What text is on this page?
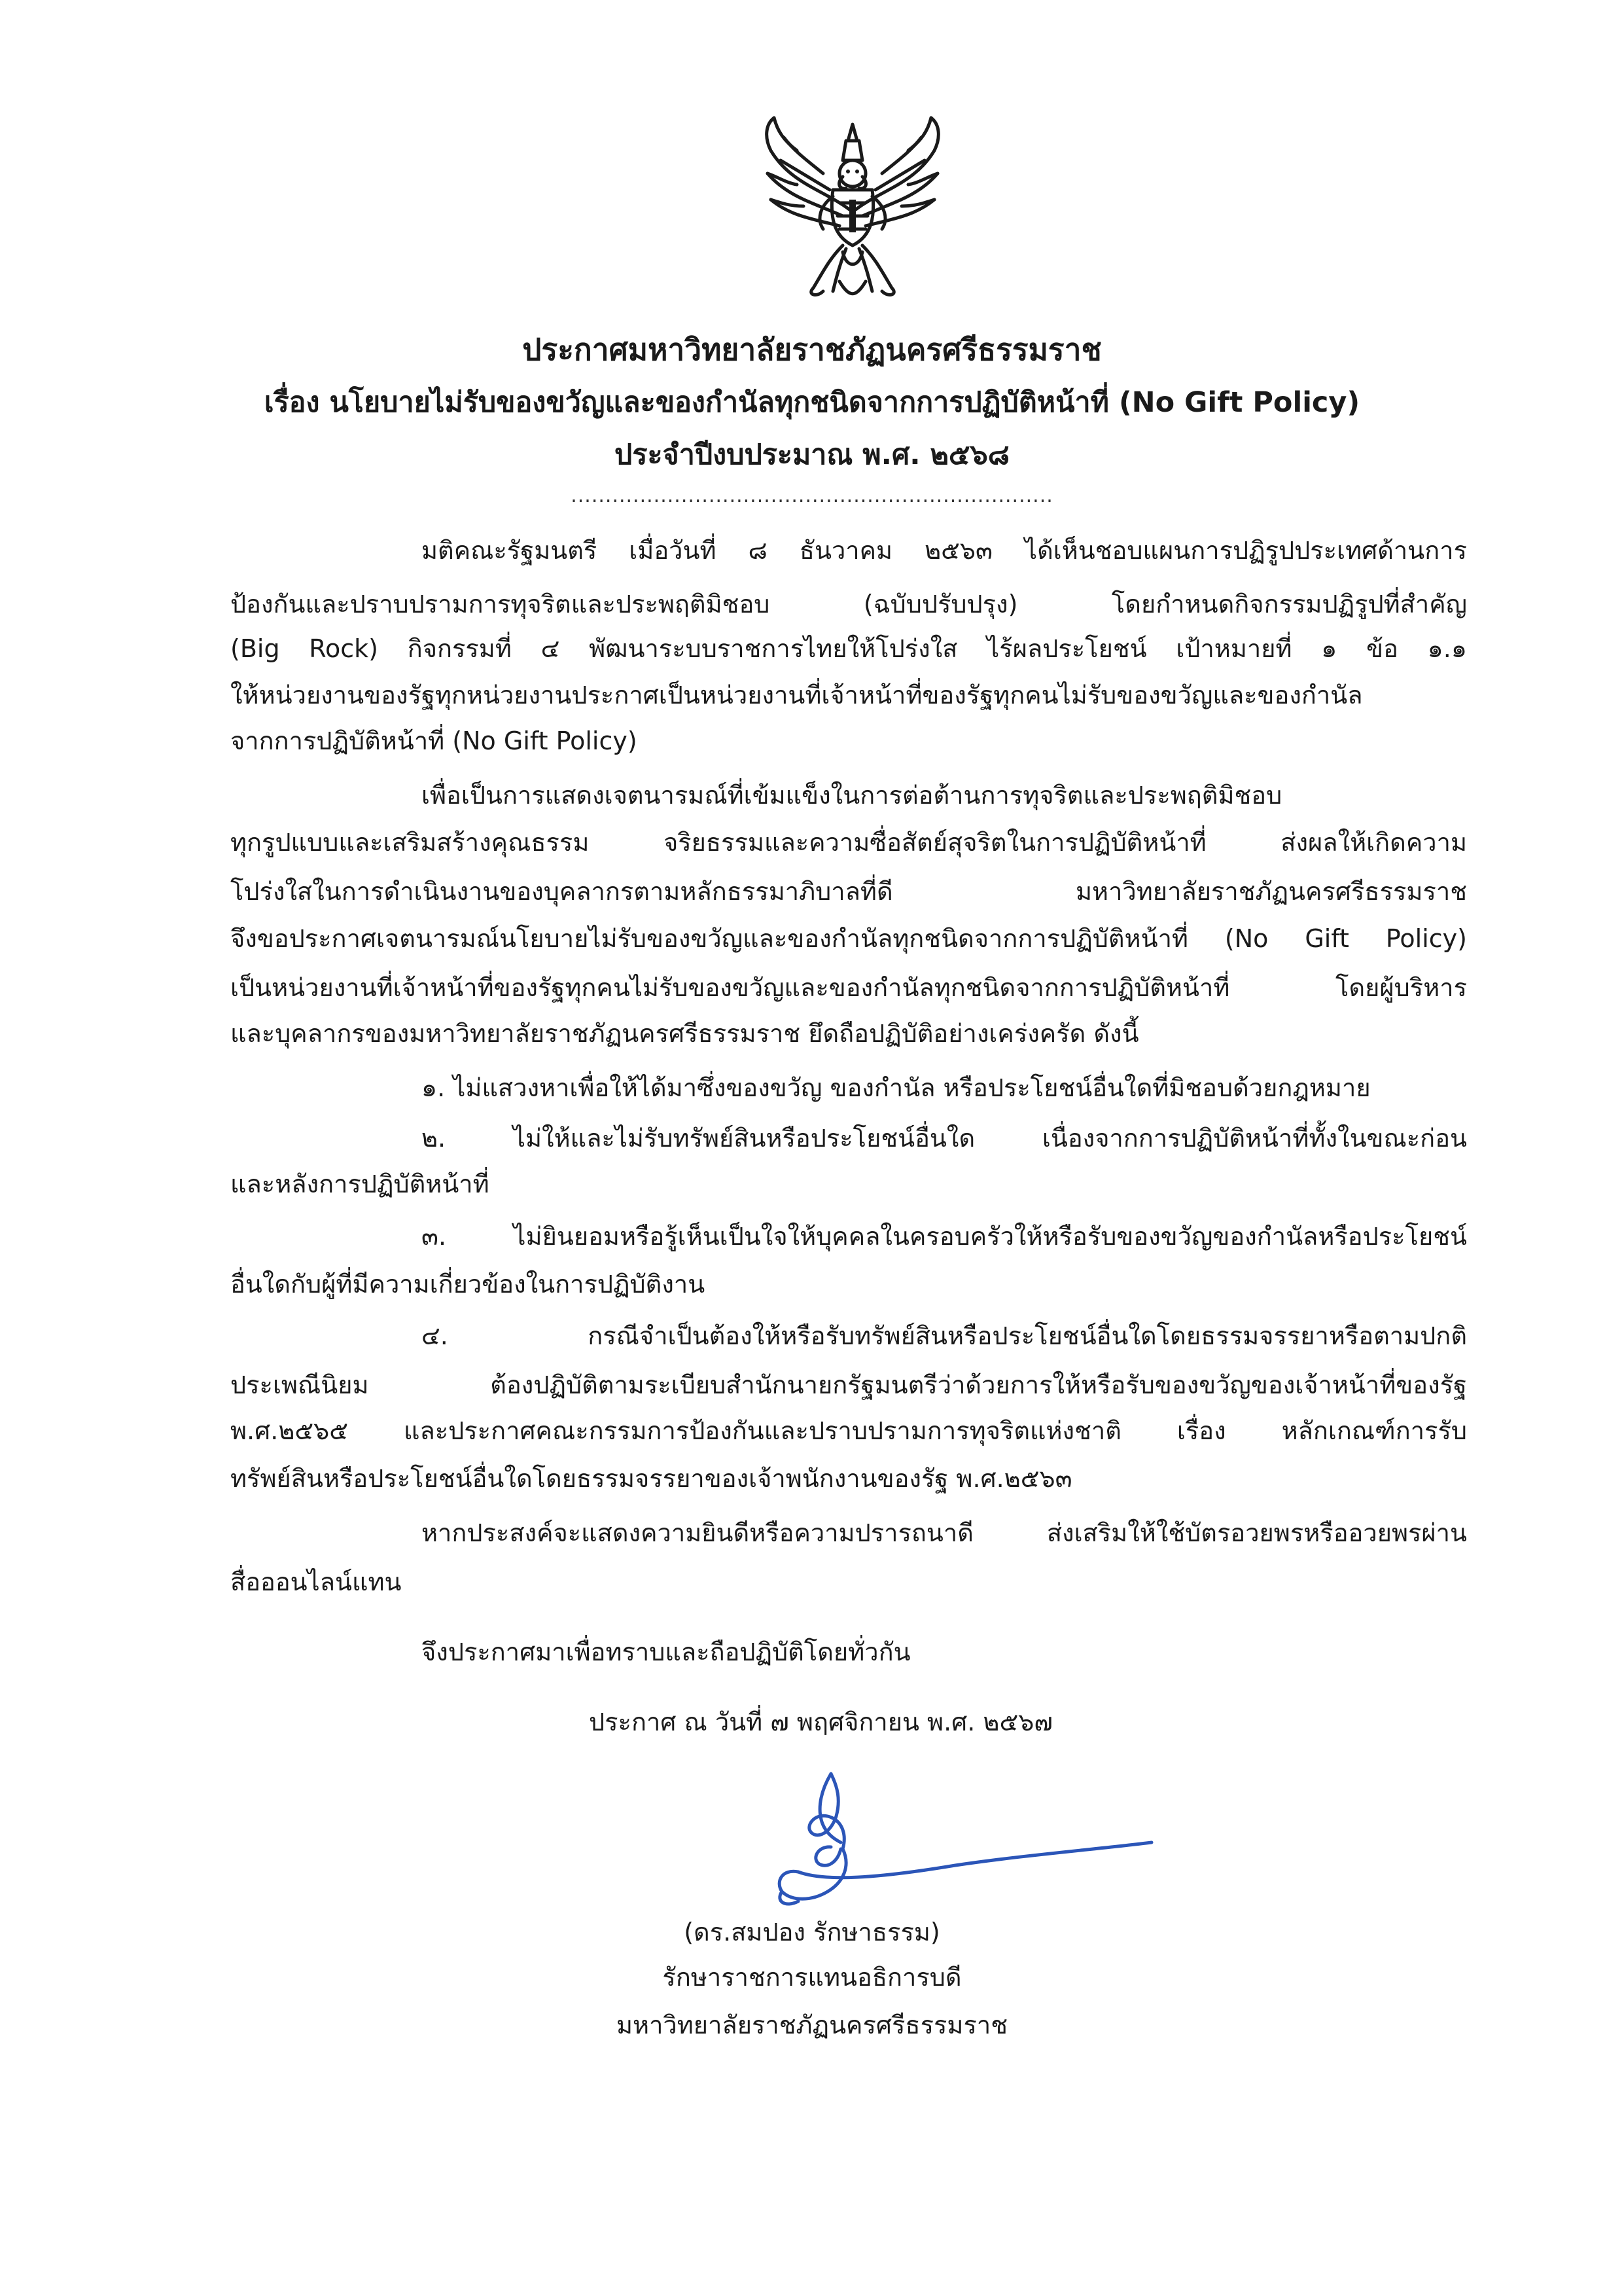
ประกาศมหาวิทยาลัยราชภัฏนครศรีธรรมราช
เรื่อง นโยบายไม่รับของขวัญและของกำนัลทุกชนิดจากการปฏิบัติหน้าที่ (No Gift Policy)
ประจำปีงบประมาณ พ.ศ. ๒๕๖๘
......................................................................
มติคณะรัฐมนตรี เมื่อวันที่ ๘ ธันวาคม ๒๕๖๓ ได้เห็นชอบแผนการปฏิรูปประเทศด้านการ
ป้องกันและปราบปรามการทุจริตและประพฤติมิชอบ (ฉบับปรับปรุง) โดยกำหนดกิจกรรมปฏิรูปที่สำคัญ
(Big Rock) กิจกรรมที่ ๔ พัฒนาระบบราชการไทยให้โปร่งใส ไร้ผลประโยชน์ เป้าหมายที่ ๑ ข้อ ๑.๑
ให้หน่วยงานของรัฐทุกหน่วยงานประกาศเป็นหน่วยงานที่เจ้าหน้าที่ของรัฐทุกคนไม่รับของขวัญและของกำนัล
จากการปฏิบัติหน้าที่ (No Gift Policy)
เพื่อเป็นการแสดงเจตนารมณ์ที่เข้มแข็งในการต่อต้านการทุจริตและประพฤติมิชอบ
ทุกรูปแบบและเสริมสร้างคุณธรรม จริยธรรมและความซื่อสัตย์สุจริตในการปฏิบัติหน้าที่ ส่งผลให้เกิดความ
โปร่งใสในการดำเนินงานของบุคลากรตามหลักธรรมาภิบาลที่ดี มหาวิทยาลัยราชภัฏนครศรีธรรมราช
จึงขอประกาศเจตนารมณ์นโยบายไม่รับของขวัญและของกำนัลทุกชนิดจากการปฏิบัติหน้าที่ (No Gift Policy)
เป็นหน่วยงานที่เจ้าหน้าที่ของรัฐทุกคนไม่รับของขวัญและของกำนัลทุกชนิดจากการปฏิบัติหน้าที่ โดยผู้บริหาร
และบุคลากรของมหาวิทยาลัยราชภัฏนครศรีธรรมราช ยึดถือปฏิบัติอย่างเคร่งครัด ดังนี้
๑. ไม่แสวงหาเพื่อให้ได้มาซึ่งของขวัญ ของกำนัล หรือประโยชน์อื่นใดที่มิชอบด้วยกฎหมาย
๒. ไม่ให้และไม่รับทรัพย์สินหรือประโยชน์อื่นใด เนื่องจากการปฏิบัติหน้าที่ทั้งในขณะก่อน
และหลังการปฏิบัติหน้าที่
๓. ไม่ยินยอมหรือรู้เห็นเป็นใจให้บุคคลในครอบครัวให้หรือรับของขวัญของกำนัลหรือประโยชน์
อื่นใดกับผู้ที่มีความเกี่ยวข้องในการปฏิบัติงาน
๔. กรณีจำเป็นต้องให้หรือรับทรัพย์สินหรือประโยชน์อื่นใดโดยธรรมจรรยาหรือตามปกติ
ประเพณีนิยม ต้องปฏิบัติตามระเบียบสำนักนายกรัฐมนตรีว่าด้วยการให้หรือรับของขวัญของเจ้าหน้าที่ของรัฐ
พ.ศ.๒๕๖๕ และประกาศคณะกรรมการป้องกันและปราบปรามการทุจริตแห่งชาติ เรื่อง หลักเกณฑ์การรับ
ทรัพย์สินหรือประโยชน์อื่นใดโดยธรรมจรรยาของเจ้าพนักงานของรัฐ พ.ศ.๒๕๖๓
หากประสงค์จะแสดงความยินดีหรือความปรารถนาดี ส่งเสริมให้ใช้บัตรอวยพรหรืออวยพรผ่าน
สื่อออนไลน์แทน
จึงประกาศมาเพื่อทราบและถือปฏิบัติโดยทั่วกัน
ประกาศ ณ วันที่ ๗ พฤศจิกายน พ.ศ. ๒๕๖๗
(ดร.สมปอง รักษาธรรม)
รักษาราชการแทนอธิการบดี
มหาวิทยาลัยราชภัฏนครศรีธรรมราช
